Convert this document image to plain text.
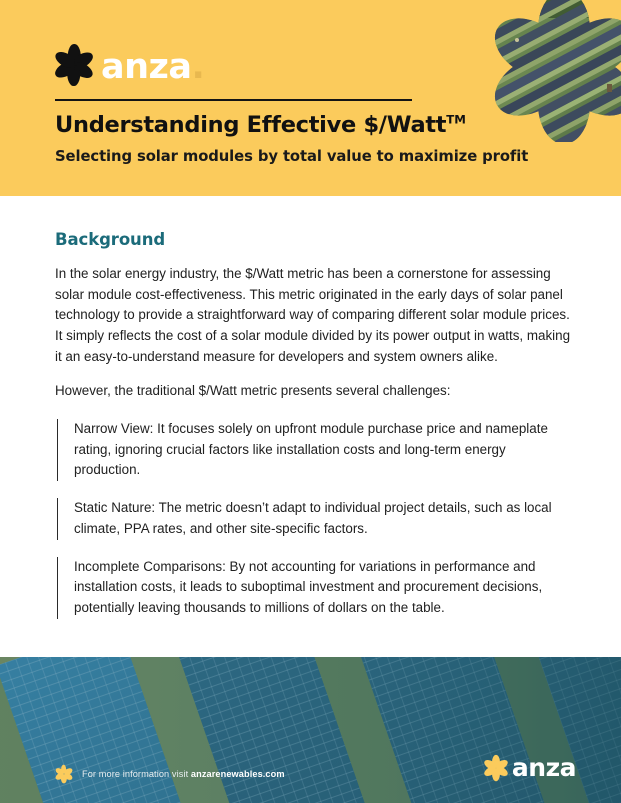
anza.
Understanding Effective $/Watt™
Selecting solar modules by total value to maximize profit
Background

In the solar energy industry, the $/Watt metric has been a cornerstone for assessing solar module cost-effectiveness. This metric originated in the early days of solar panel technology to provide a straightforward way of comparing different solar module prices. It simply reflects the cost of a solar module divided by its power output in watts, making it an easy-to-understand measure for developers and system owners alike.

However, the traditional $/Watt metric presents several challenges:

Narrow View: It focuses solely on upfront module purchase price and nameplate rating, ignoring crucial factors like installation costs and long-term energy production.

Static Nature: The metric doesn’t adapt to individual project details, such as local climate, PPA rates, and other site-specific factors.

Incomplete Comparisons: By not accounting for variations in performance and installation costs, it leads to suboptimal investment and procurement decisions, potentially leaving thousands to millions of dollars on the table.

For more information visit anzarenewables.com	anza
